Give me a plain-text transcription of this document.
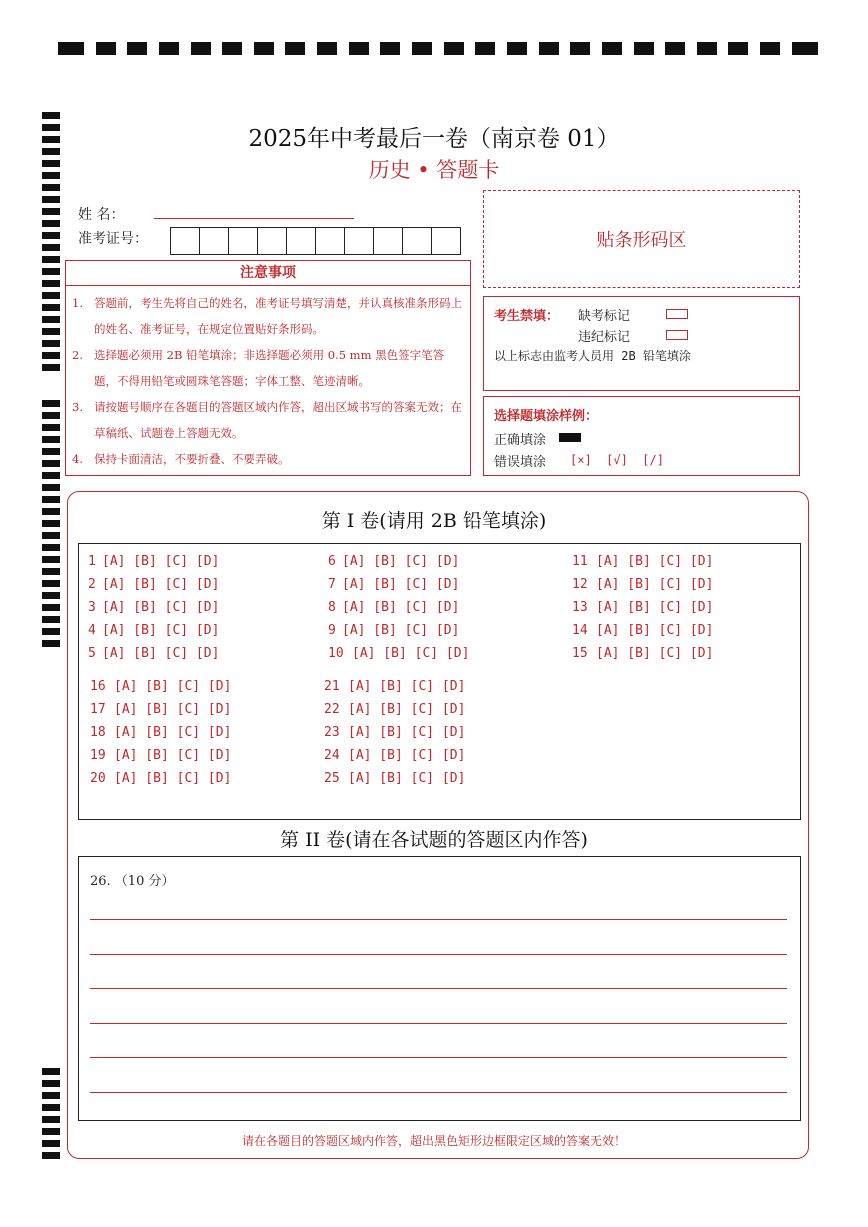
2025年中考最后一卷（南京卷 01）
历史 • 答题卡
姓 名：
准考证号：	贴条形码区
注意事项
1. 答题前，考生先将自己的姓名，准考证号填写清楚，并认真核准条形码上的姓名、准考证号，在规定位置贴好条形码。
2. 选择题必须用 2B 铅笔填涂；非选择题必须用 0.5 mm 黑色签字笔答题，不得用铅笔或圆珠笔答题；字体工整、笔迹清晰。
3. 请按题号顺序在各题目的答题区域内作答，超出区域书写的答案无效；在草稿纸、试题卷上答题无效。
4. 保持卡面清洁，不要折叠、不要弄破。
考生禁填： 缺考标记
违纪标记
以上标志由监考人员用 2B 铅笔填涂
选择题填涂样例：
正确填涂
错误填涂 [×]  [√]  [/]
第 I 卷(请用 2B 铅笔填涂)
1 [A] [B] [C] [D]
2 [A] [B] [C] [D]
3 [A] [B] [C] [D]
4 [A] [B] [C] [D]
5 [A] [B] [C] [D]
6 [A] [B] [C] [D]
7 [A] [B] [C] [D]
8 [A] [B] [C] [D]
9 [A] [B] [C] [D]
10 [A] [B] [C] [D]
11 [A] [B] [C] [D]
12 [A] [B] [C] [D]
13 [A] [B] [C] [D]
14 [A] [B] [C] [D]
15 [A] [B] [C] [D]
16 [A] [B] [C] [D]
17 [A] [B] [C] [D]
18 [A] [B] [C] [D]
19 [A] [B] [C] [D]
20 [A] [B] [C] [D]
21 [A] [B] [C] [D]
22 [A] [B] [C] [D]
23 [A] [B] [C] [D]
24 [A] [B] [C] [D]
25 [A] [B] [C] [D]
第 II 卷(请在各试题的答题区内作答)
26. （10 分）
请在各题目的答题区域内作答，超出黑色矩形边框限定区域的答案无效！
